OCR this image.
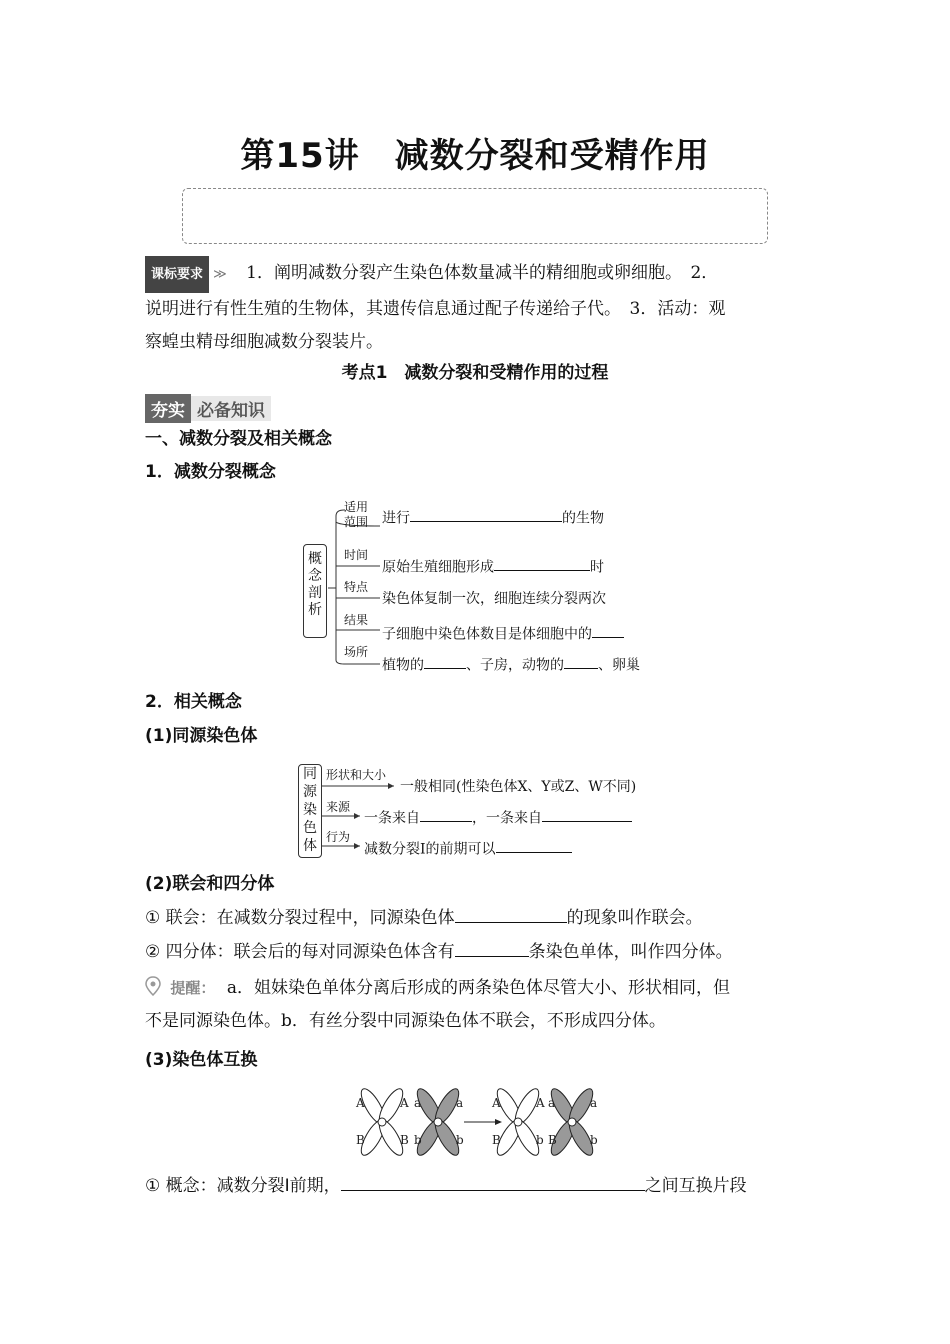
第15讲　减数分裂和受精作用
课标要求 ≫ 1．阐明减数分裂产生染色体数量减半的精细胞或卵细胞。　2．
说明进行有性生殖的生物体，其遗传信息通过配子传递给子代。　3．活动：观
察蝗虫精母细胞减数分裂装片。
考点1　减数分裂和受精作用的过程
夯实 必备知识
一、减数分裂及相关概念
1．减数分裂概念
概
念
剖
析
适用
范围 进行	的生物
时间
原始生殖细胞形成	时
特点
染色体复制一次，细胞连续分裂两次
结果
子细胞中染色体数目是体细胞中的
场所
植物的	、子房，动物的 、卵巢
2．相关概念
(1)同源染色体
同
源
染
色
体
形状和大小
一般相同(性染色体X、Y或Z、W不同)
来源
一条来自	，一条来自
行为
减数分裂Ⅰ的前期可以
(2)联会和四分体
① 联会：在减数分裂过程中，同源染色体	的现象叫作联会。
② 四分体：联会后的每对同源染色体含有	条染色单体，叫作四分体。
提醒： a．姐妹染色单体分离后形成的两条染色体尽管大小、形状相同，但
不是同源染色体。b．有丝分裂中同源染色体不联会，不形成四分体。
(3)染色体互换
A	A a	a
B	B b	b
A	A a	a
B	b B	b
① 概念：减数分裂Ⅰ前期，	之间互换片段
